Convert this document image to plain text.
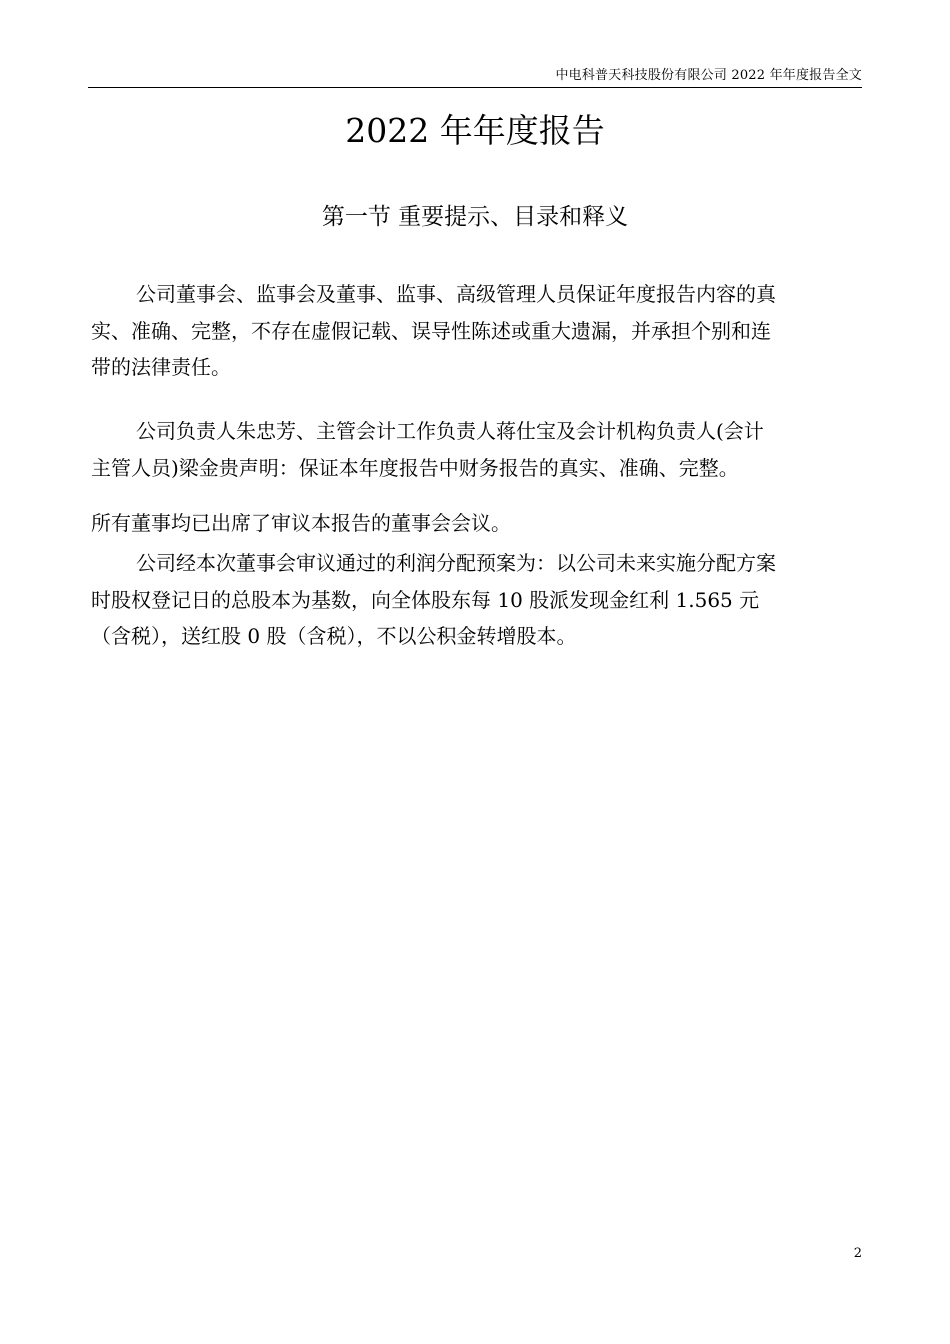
中电科普天科技股份有限公司 2022 年年度报告全文
2022 年年度报告
第一节 重要提示、目录和释义
公司董事会、监事会及董事、监事、高级管理人员保证年度报告内容的真
实、准确、完整，不存在虚假记载、误导性陈述或重大遗漏，并承担个别和连
带的法律责任。
公司负责人朱忠芳、主管会计工作负责人蒋仕宝及会计机构负责人(会计
主管人员)梁金贵声明：保证本年度报告中财务报告的真实、准确、完整。
所有董事均已出席了审议本报告的董事会会议。
公司经本次董事会审议通过的利润分配预案为：以公司未来实施分配方案
时股权登记日的总股本为基数，向全体股东每 10 股派发现金红利 1.565 元
（含税），送红股 0 股（含税），不以公积金转增股本。
2
